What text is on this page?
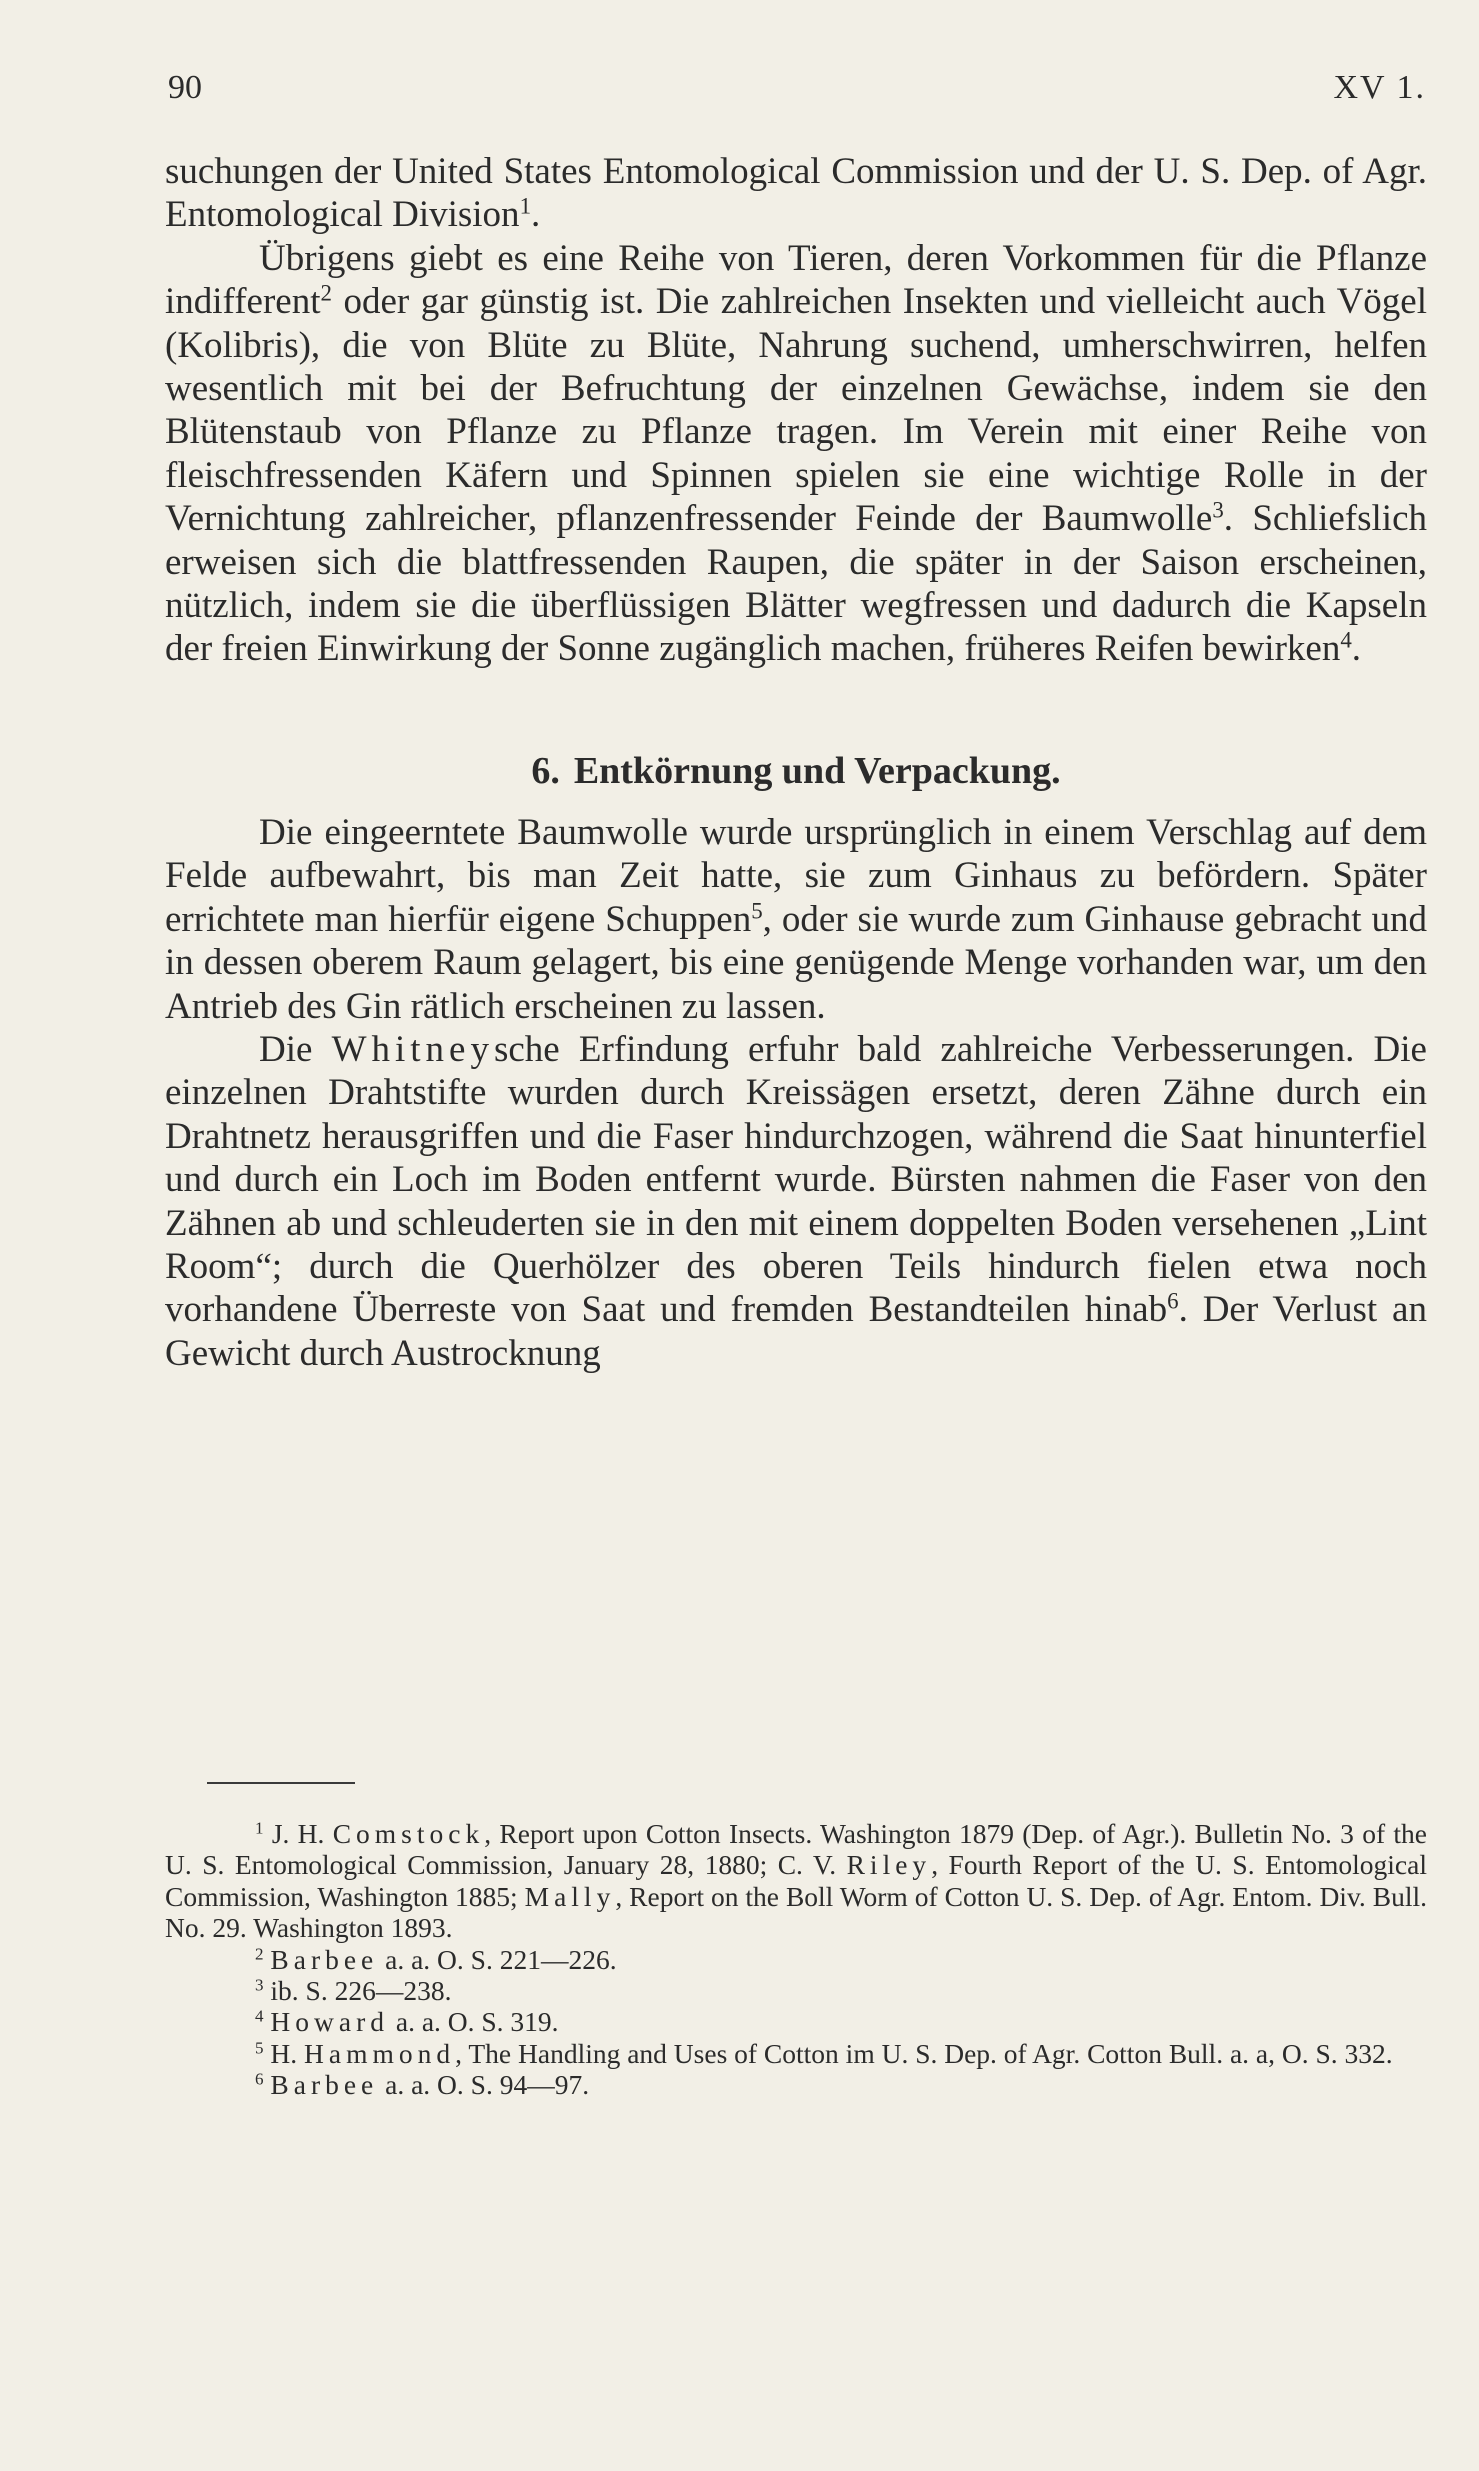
90	XV 1.

suchungen der United States Entomological Commission und der U. S. Dep. of Agr. Entomological Division$^1$.

Übrigens giebt es eine Reihe von Tieren, deren Vorkommen für die Pflanze indifferent$^2$ oder gar günstig ist. Die zahlreichen Insekten und vielleicht auch Vögel (Kolibris), die von Blüte zu Blüte, Nahrung suchend, umherschwirren, helfen wesentlich mit bei der Befruchtung der einzelnen Gewächse, indem sie den Blütenstaub von Pflanze zu Pflanze tragen. Im Verein mit einer Reihe von fleischfressenden Käfern und Spinnen spielen sie eine wichtige Rolle in der Vernichtung zahlreicher, pflanzenfressender Feinde der Baumwolle$^3$. Schliefslich erweisen sich die blattfressenden Raupen, die später in der Saison erscheinen, nützlich, indem sie die überflüssigen Blätter wegfressen und dadurch die Kapseln der freien Einwirkung der Sonne zugänglich machen, früheres Reifen bewirken$^4$.

6. Entkörnung und Verpackung.

Die eingeerntete Baumwolle wurde ursprünglich in einem Verschlag auf dem Felde aufbewahrt, bis man Zeit hatte, sie zum Ginhaus zu befördern. Später errichtete man hierfür eigene Schuppen$^5$, oder sie wurde zum Ginhause gebracht und in dessen oberem Raum gelagert, bis eine genügende Menge vorhanden war, um den Antrieb des Gin rätlich erscheinen zu lassen.

Die Whitneysche Erfindung erfuhr bald zahlreiche Verbesserungen. Die einzelnen Drahtstifte wurden durch Kreissägen ersetzt, deren Zähne durch ein Drahtnetz herausgriffen und die Faser hindurchzogen, während die Saat hinunterfiel und durch ein Loch im Boden entfernt wurde. Bürsten nahmen die Faser von den Zähnen ab und schleuderten sie in den mit einem doppelten Boden versehenen „Lint Room“; durch die Querhölzer des oberen Teils hindurch fielen etwa noch vorhandene Überreste von Saat und fremden Bestandteilen hinab$^6$. Der Verlust an Gewicht durch Austrocknung

$^1$ J. H. Comstock, Report upon Cotton Insects. Washington 1879 (Dep. of Agr.). Bulletin No. 3 of the U. S. Entomological Commission, January 28, 1880; C. V. Riley, Fourth Report of the U. S. Entomological Commission, Washington 1885; Mally, Report on the Boll Worm of Cotton U. S. Dep. of Agr. Entom. Div. Bull. No. 29. Washington 1893.

$^2$ Barbee a. a. O. S. 221—226.

$^3$ ib. S. 226—238.

$^4$ Howard a. a. O. S. 319.

$^5$ H. Hammond, The Handling and Uses of Cotton im U. S. Dep. of Agr. Cotton Bull. a. a, O. S. 332.

$^6$ Barbee a. a. O. S. 94—97.
